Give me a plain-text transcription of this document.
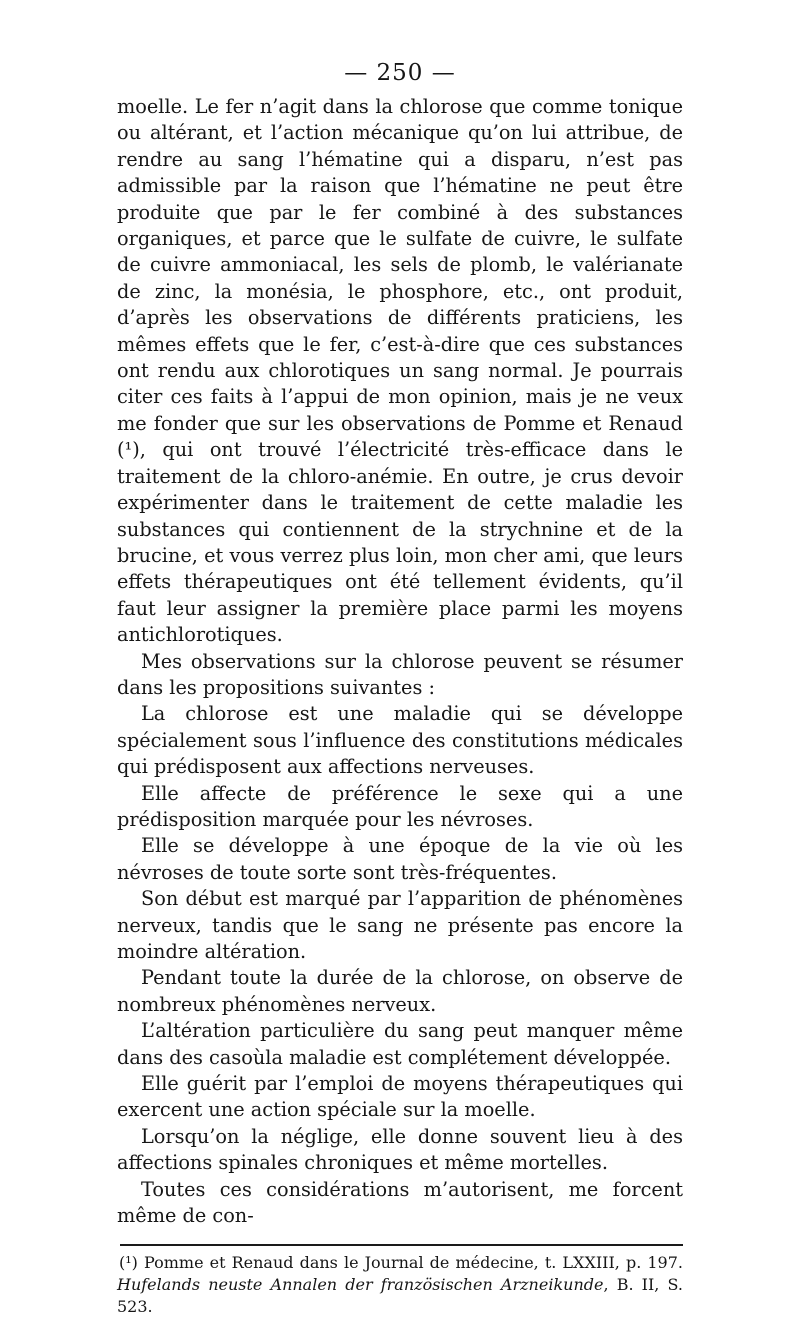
— 250 —

moelle. Le fer n’agit dans la chlorose que comme tonique ou altérant, et l’action mécanique qu’on lui attribue, de rendre au sang l’hématine qui a disparu, n’est pas admissible par la raison que l’hématine ne peut être produite que par le fer combiné à des substances organiques, et parce que le sulfate de cuivre, le sulfate de cuivre ammoniacal, les sels de plomb, le valérianate de zinc, la monésia, le phosphore, etc., ont produit, d’après les observations de différents praticiens, les mêmes effets que le fer, c’est-à-dire que ces substances ont rendu aux chlorotiques un sang normal. Je pourrais citer ces faits à l’appui de mon opinion, mais je ne veux me fonder que sur les observations de Pomme et Renaud (¹), qui ont trouvé l’électricité très-efficace dans le traitement de la chloro-anémie. En outre, je crus devoir expérimenter dans le traitement de cette maladie les substances qui contiennent de la strychnine et de la brucine, et vous verrez plus loin, mon cher ami, que leurs effets thérapeutiques ont été tellement évidents, qu’il faut leur assigner la première place parmi les moyens antichlorotiques.

Mes observations sur la chlorose peuvent se résumer dans les propositions suivantes :

La chlorose est une maladie qui se développe spécialement sous l’influence des constitutions médicales qui prédisposent aux affections nerveuses.

Elle affecte de préférence le sexe qui a une prédisposition marquée pour les névroses.

Elle se développe à une époque de la vie où les névroses de toute sorte sont très-fréquentes.

Son début est marqué par l’apparition de phénomènes nerveux, tandis que le sang ne présente pas encore la moindre altération.

Pendant toute la durée de la chlorose, on observe de nombreux phénomènes nerveux.

L’altération particulière du sang peut manquer même dans des casoùla maladie est complétement développée.

Elle guérit par l’emploi de moyens thérapeutiques qui exercent une action spéciale sur la moelle.

Lorsqu’on la néglige, elle donne souvent lieu à des affections spinales chroniques et même mortelles.

Toutes ces considérations m’autorisent, me forcent même de con-

(¹) Pomme et Renaud dans le Journal de médecine, t. LXXIII, p. 197. Hufelands neuste Annalen der französischen Arzneikunde, B. II, S. 523.
